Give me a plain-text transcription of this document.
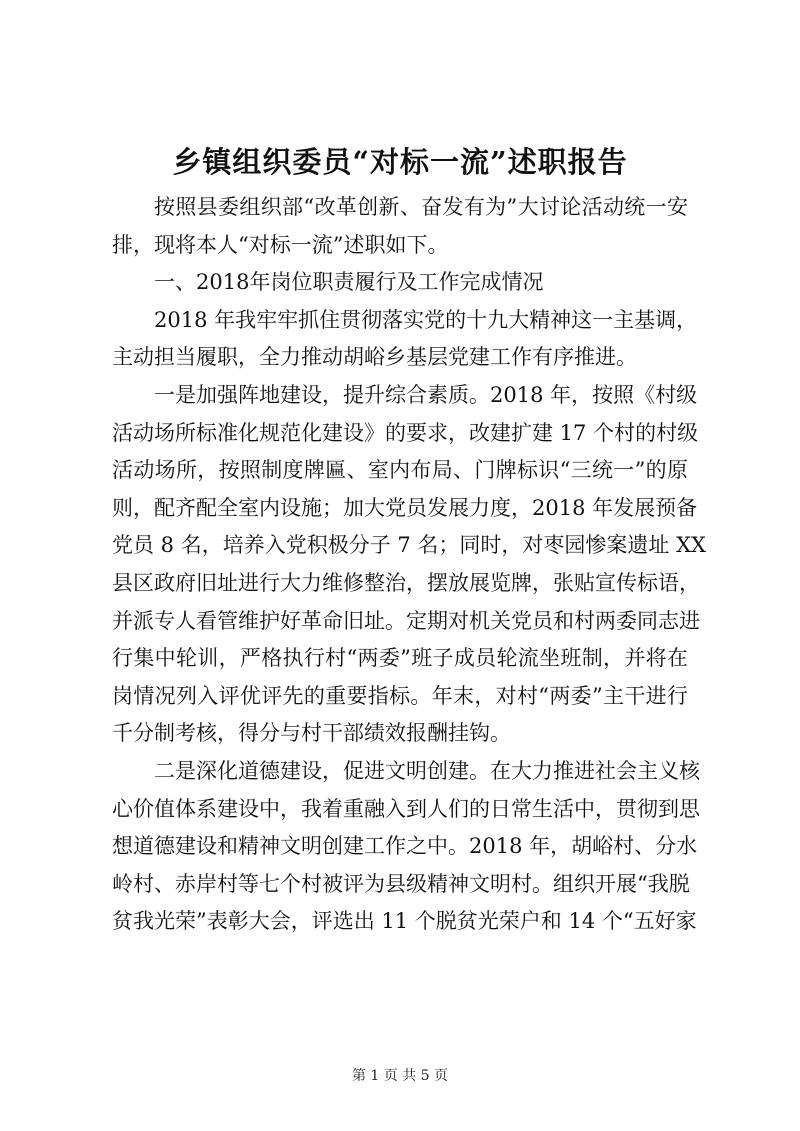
乡镇组织委员“对标一流”述职报告
按照县委组织部“改革创新、奋发有为”大讨论活动统一安
排，现将本人“对标一流”述职如下。
一、2018年岗位职责履行及工作完成情况
2018 年我牢牢抓住贯彻落实党的十九大精神这一主基调，
主动担当履职，全力推动胡峪乡基层党建工作有序推进。
一是加强阵地建设，提升综合素质。2018 年，按照《村级
活动场所标准化规范化建设》的要求，改建扩建 17 个村的村级
活动场所，按照制度牌匾、室内布局、门牌标识“三统一”的原
则，配齐配全室内设施；加大党员发展力度，2018 年发展预备
党员 8 名，培养入党积极分子 7 名；同时，对枣园惨案遗址 XX
县区政府旧址进行大力维修整治，摆放展览牌，张贴宣传标语，
并派专人看管维护好革命旧址。定期对机关党员和村两委同志进
行集中轮训，严格执行村“两委”班子成员轮流坐班制，并将在
岗情况列入评优评先的重要指标。年末，对村“两委”主干进行
千分制考核，得分与村干部绩效报酬挂钩。
二是深化道德建设，促进文明创建。在大力推进社会主义核
心价值体系建设中，我着重融入到人们的日常生活中，贯彻到思
想道德建设和精神文明创建工作之中。2018 年，胡峪村、分水
岭村、赤岸村等七个村被评为县级精神文明村。组织开展“我脱
贫我光荣”表彰大会，评选出 11 个脱贫光荣户和 14 个“五好家
第 1 页 共 5 页
